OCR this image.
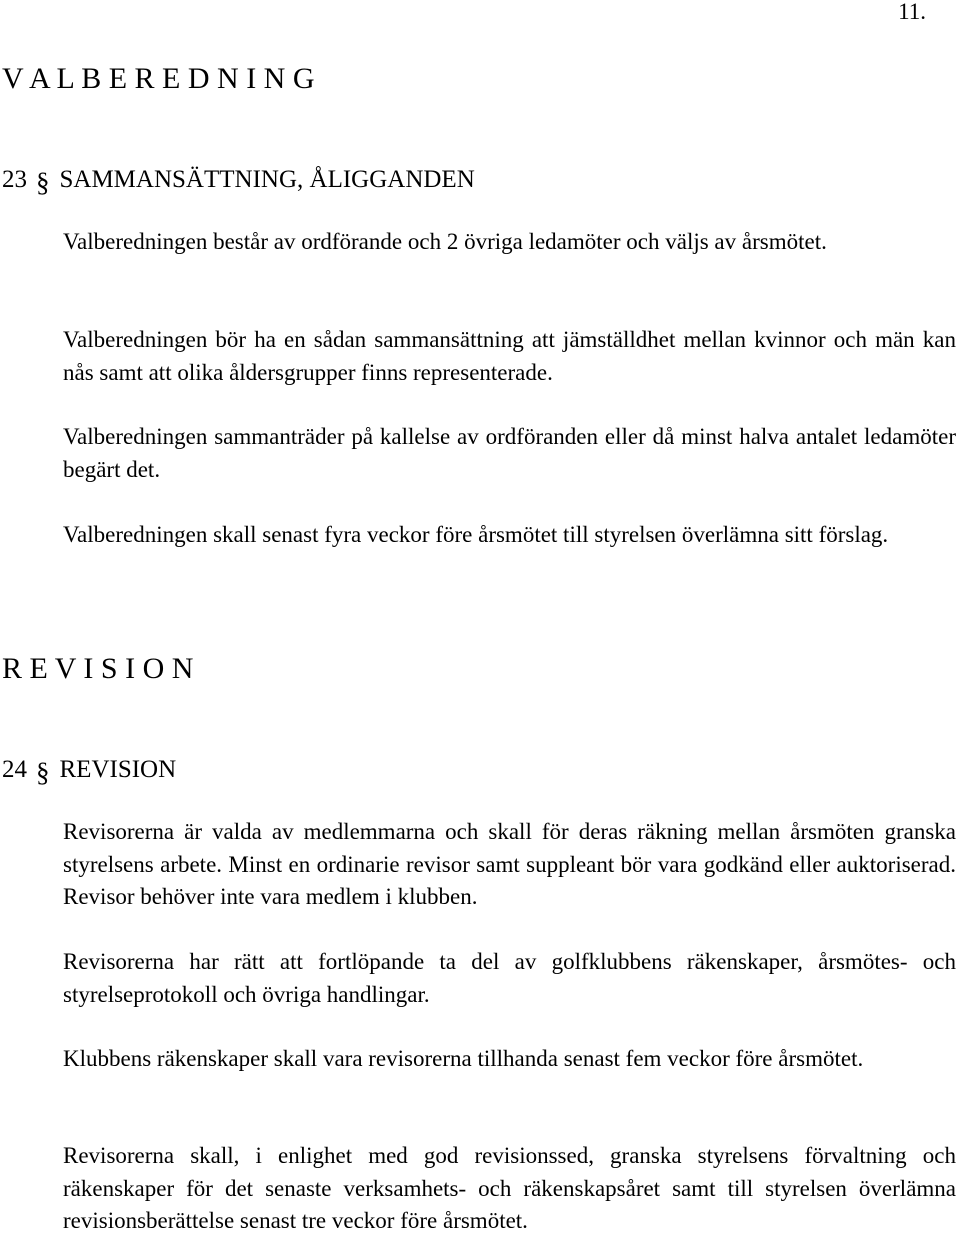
11.
V A L B E R E D N I N G
23 § SAMMANSÄTTNING, ÅLIGGANDEN

Valberedningen består av ordförande och 2 övriga ledamöter och väljs av årsmötet.

Valberedningen bör ha en sådan sammansättning att jämställdhet mellan kvinnor och män kan nås samt att olika åldersgrupper finns representerade.

Valberedningen sammanträder på kallelse av ordföranden eller då minst halva antalet ledamöter begärt det.

Valberedningen skall senast fyra veckor före årsmötet till styrelsen överlämna sitt förslag.

R E V I S I O N
24 § REVISION

Revisorerna är valda av medlemmarna och skall för deras räkning mellan årsmöten granska styrelsens arbete. Minst en ordinarie revisor samt suppleant bör vara godkänd eller auktoriserad. Revisor behöver inte vara medlem i klubben.

Revisorerna har rätt att fortlöpande ta del av golfklubbens räkenskaper, årsmötes- och styrelseprotokoll och övriga handlingar.

Klubbens räkenskaper skall vara revisorerna tillhanda senast fem veckor före årsmötet.

Revisorerna skall, i enlighet med god revisionssed, granska styrelsens förvaltning och räkenskaper för det senaste verksamhets- och räkenskapsåret samt till styrelsen överlämna revisionsberättelse senast tre veckor före årsmötet.
